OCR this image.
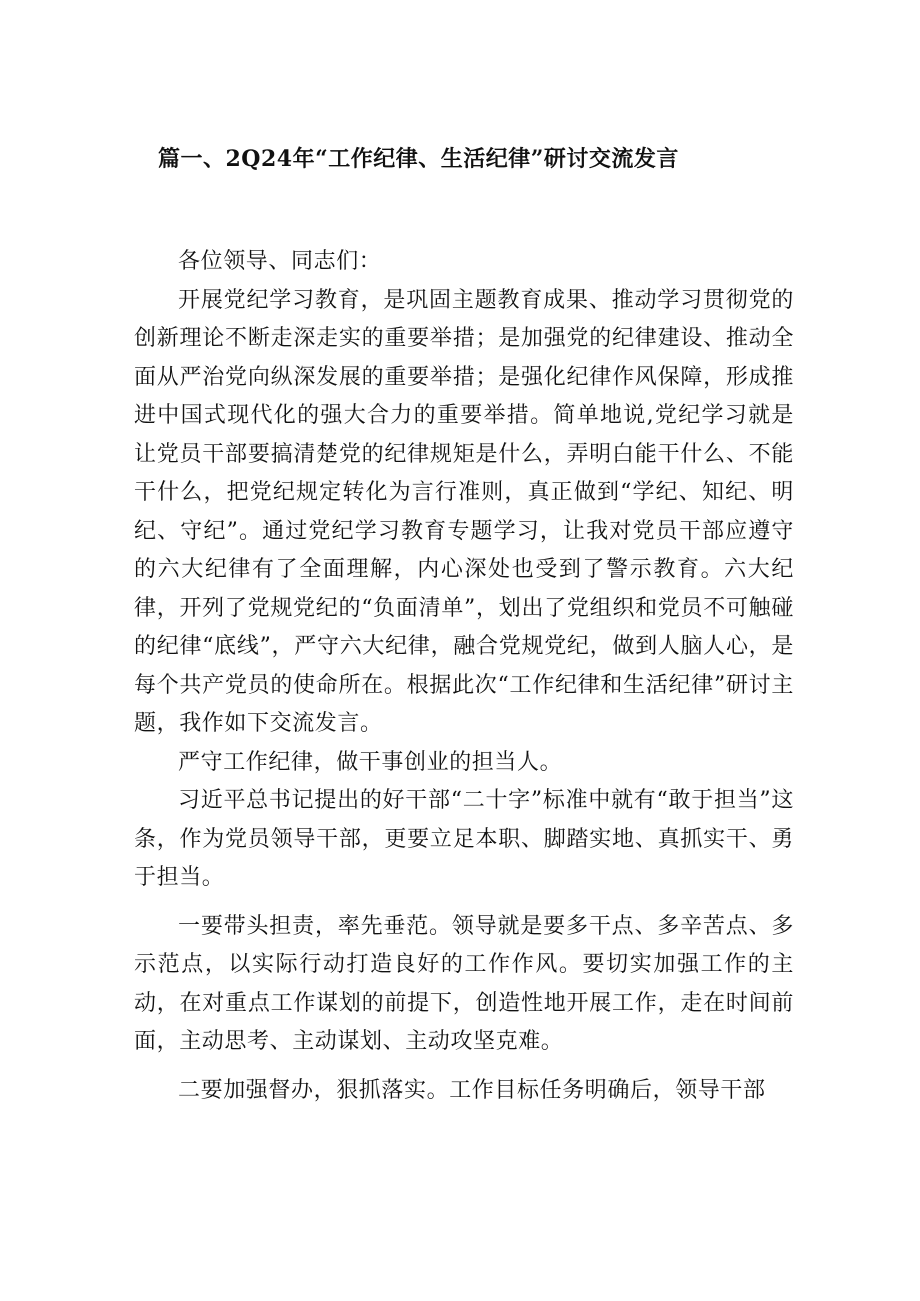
篇一、2Q24年“工作纪律、生活纪律”研讨交流发言

各位领导、同志们：

开展党纪学习教育，是巩固主题教育成果、推动学习贯彻党的创新理论不断走深走实的重要举措；是加强党的纪律建设、推动全面从严治党向纵深发展的重要举措；是强化纪律作风保障，形成推进中国式现代化的强大合力的重要举措。简单地说,党纪学习就是让党员干部要搞清楚党的纪律规矩是什么，弄明白能干什么、不能干什么，把党纪规定转化为言行准则，真正做到“学纪、知纪、明纪、守纪”。通过党纪学习教育专题学习，让我对党员干部应遵守的六大纪律有了全面理解，内心深处也受到了警示教育。六大纪律，开列了党规党纪的“负面清单”，划出了党组织和党员不可触碰的纪律“底线”，严守六大纪律，融合党规党纪，做到人脑人心，是每个共产党员的使命所在。根据此次“工作纪律和生活纪律”研讨主题，我作如下交流发言。

严守工作纪律，做干事创业的担当人。

习近平总书记提出的好干部“二十字”标准中就有“敢于担当”这条，作为党员领导干部，更要立足本职、脚踏实地、真抓实干、勇于担当。

一要带头担责，率先垂范。领导就是要多干点、多辛苦点、多示范点，以实际行动打造良好的工作作风。要切实加强工作的主动，在对重点工作谋划的前提下，创造性地开展工作，走在时间前面，主动思考、主动谋划、主动攻坚克难。

二要加强督办，狠抓落实。工作目标任务明确后，领导干部
